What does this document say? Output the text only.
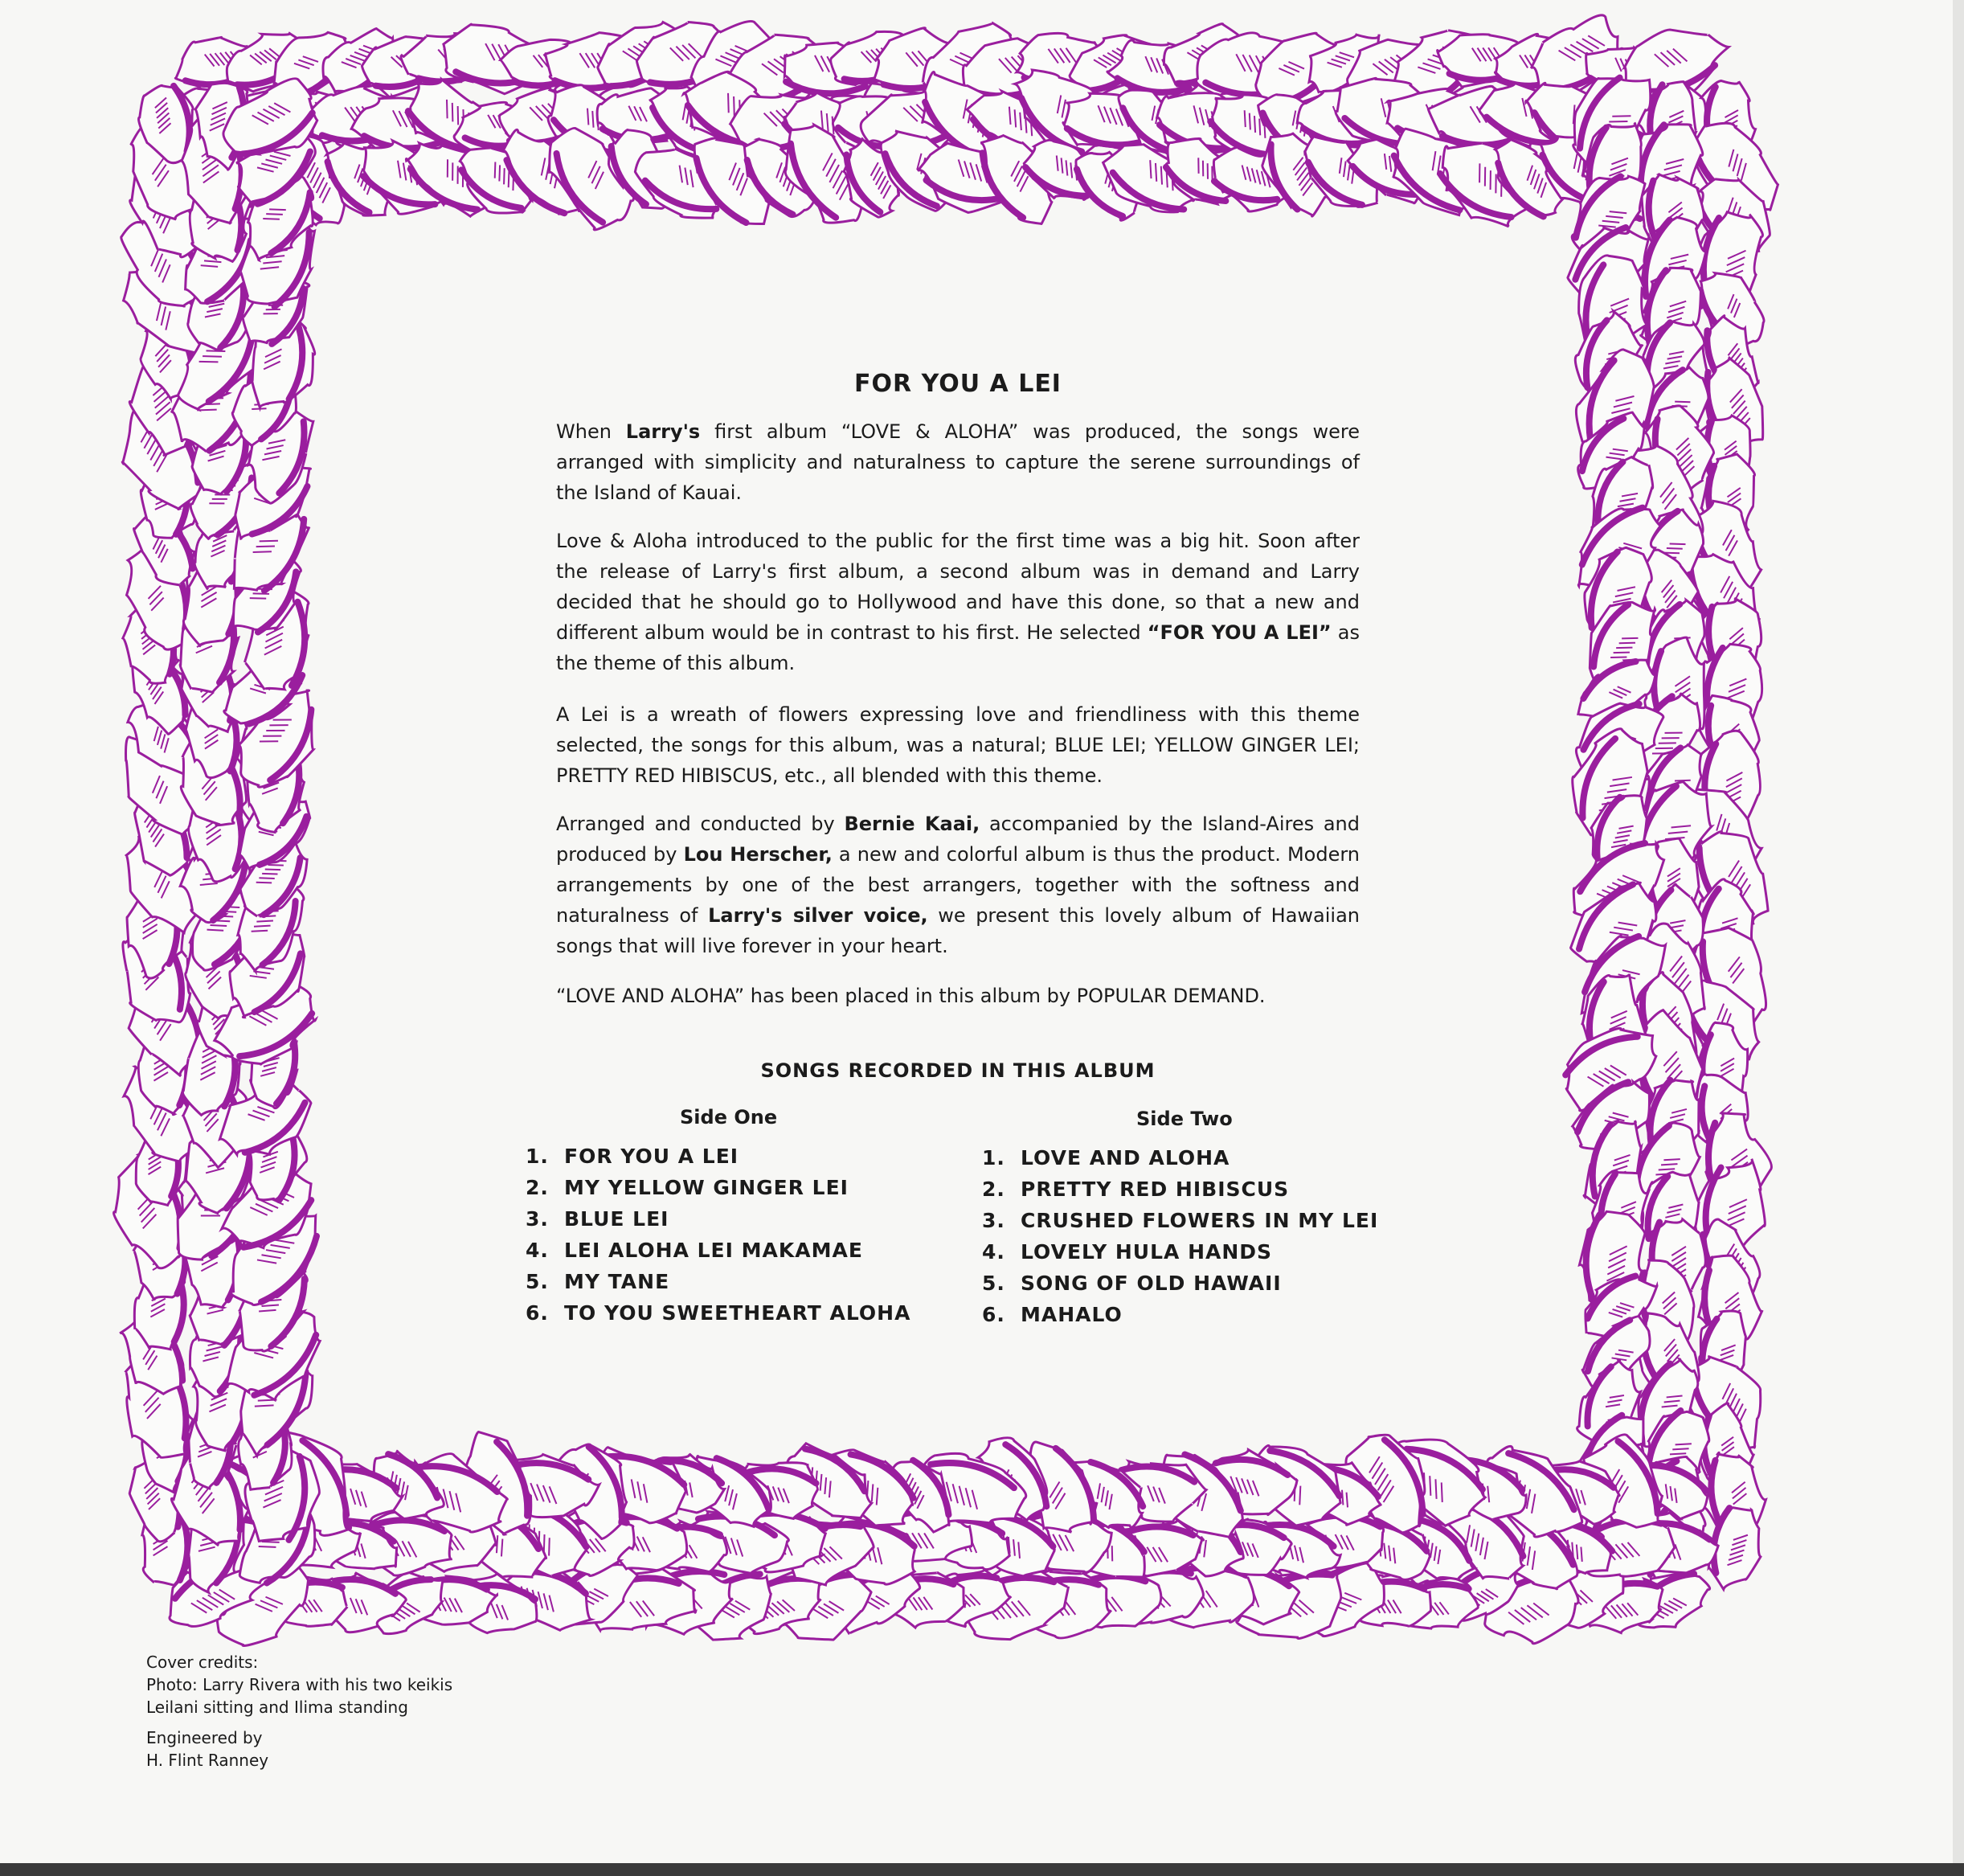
FOR YOU A LEI

When Larry's first album “LOVE & ALOHA” was produced, the songs were arranged with simplicity and naturalness to capture the serene surroundings of the Island of Kauai.

Love & Aloha introduced to the public for the first time was a big hit. Soon after the release of Larry's first album, a second album was in demand and Larry decided that he should go to Hollywood and have this done, so that a new and different album would be in contrast to his first. He selected “FOR YOU A LEI” as the theme of this album.

A Lei is a wreath of flowers expressing love and friendliness with this theme selected, the songs for this album, was a natural; BLUE LEI; YELLOW GINGER LEI; PRETTY RED HIBISCUS, etc., all blended with this theme.

Arranged and conducted by Bernie Kaai, accompanied by the Island-Aires and produced by Lou Herscher, a new and colorful album is thus the product. Modern arrangements by one of the best arrangers, together with the softness and naturalness of Larry's silver voice, we present this lovely album of Hawaiian songs that will live forever in your heart.

“LOVE AND ALOHA” has been placed in this album by POPULAR DEMAND.

SONGS RECORDED IN THIS ALBUM
Side One	Side Two
1. FOR YOU A LEI
2. MY YELLOW GINGER LEI
3. BLUE LEI
4. LEI ALOHA LEI MAKAMAE
5. MY TANE
6. TO YOU SWEETHEART ALOHA
1. LOVE AND ALOHA
2. PRETTY RED HIBISCUS
3. CRUSHED FLOWERS IN MY LEI
4. LOVELY HULA HANDS
5. SONG OF OLD HAWAII
6. MAHALO
Cover credits:
Photo: Larry Rivera with his two keikis
Leilani sitting and Ilima standing
Engineered by
H. Flint Ranney
